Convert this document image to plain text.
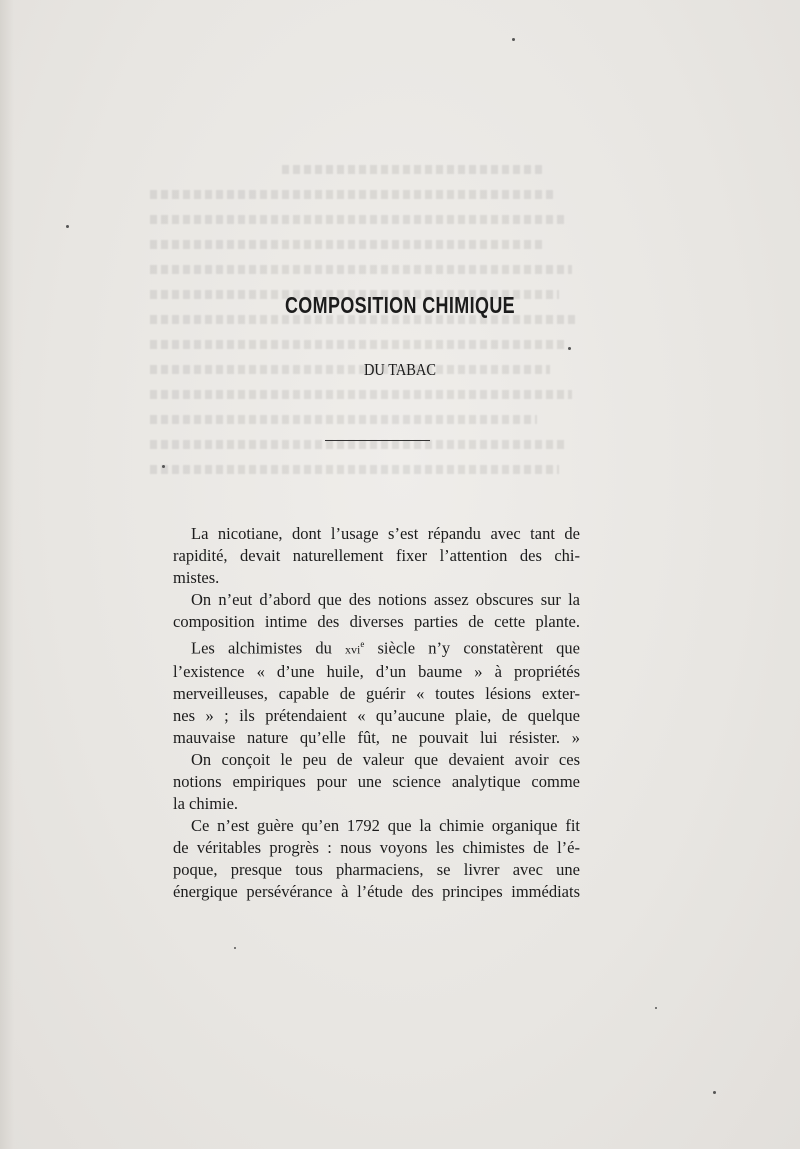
COMPOSITION CHIMIQUE
DU TABAC
La nicotiane, dont l’usage s’est répandu avec tant de
rapidité, devait naturellement fixer l’attention des chi-
mistes.
On n’eut d’abord que des notions assez obscures sur la
composition intime des diverses parties de cette plante.
Les alchimistes du xvi$^e$ siècle n’y constatèrent que
l’existence « d’une huile, d’un baume » à propriétés
merveilleuses, capable de guérir « toutes lésions exter-
nes » ; ils prétendaient « qu’aucune plaie, de quelque
mauvaise nature qu’elle fût, ne pouvait lui résister. »
On conçoit le peu de valeur que devaient avoir ces
notions empiriques pour une science analytique comme
la chimie.
Ce n’est guère qu’en 1792 que la chimie organique fit
de véritables progrès : nous voyons les chimistes de l’é-
poque, presque tous pharmaciens, se livrer avec une
énergique persévérance à l’étude des principes immédiats
